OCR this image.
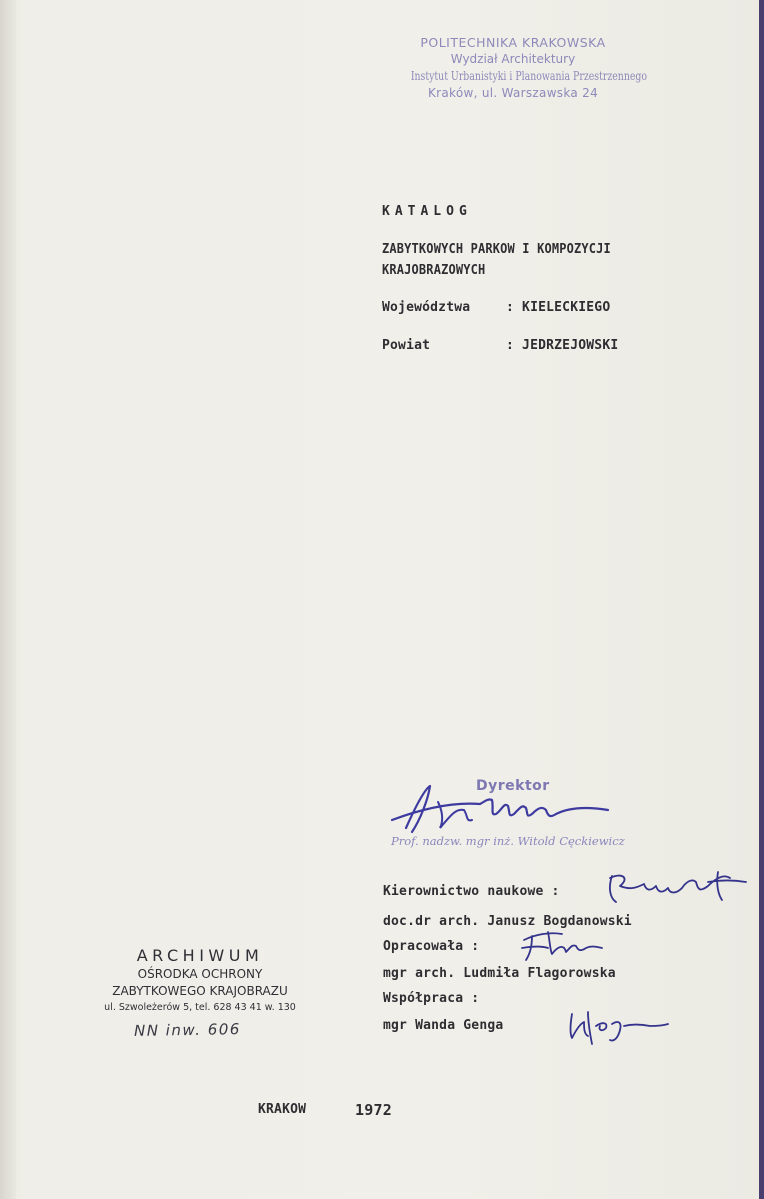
POLITECHNIKA KRAKOWSKA
Wydział Architektury
Instytut Urbanistyki i Planowania Przestrzennego
Kraków, ul. Warszawska 24
KATALOG
ZABYTKOWYCH PARKOW I KOMPOZYCJI
KRAJOBRAZOWYCH
Województwa	: KIELECKIEGO
Powiat	: JEDRZEJOWSKI
Dyrektor
Prof. nadzw. mgr inż. Witold Cęckiewicz
Kierownictwo naukowe :
doc.dr arch. Janusz Bogdanowski
Opracowała :
mgr arch. Ludmiła Flagorowska
Współpraca :
mgr Wanda Genga
ARCHIWUM
OŚRODKA OCHRONY
ZABYTKOWEGO KRAJOBRAZU
ul. Szwoleżerów 5, tel. 628 43 41 w. 130
NN inw. 606
KRAKOW	1972
